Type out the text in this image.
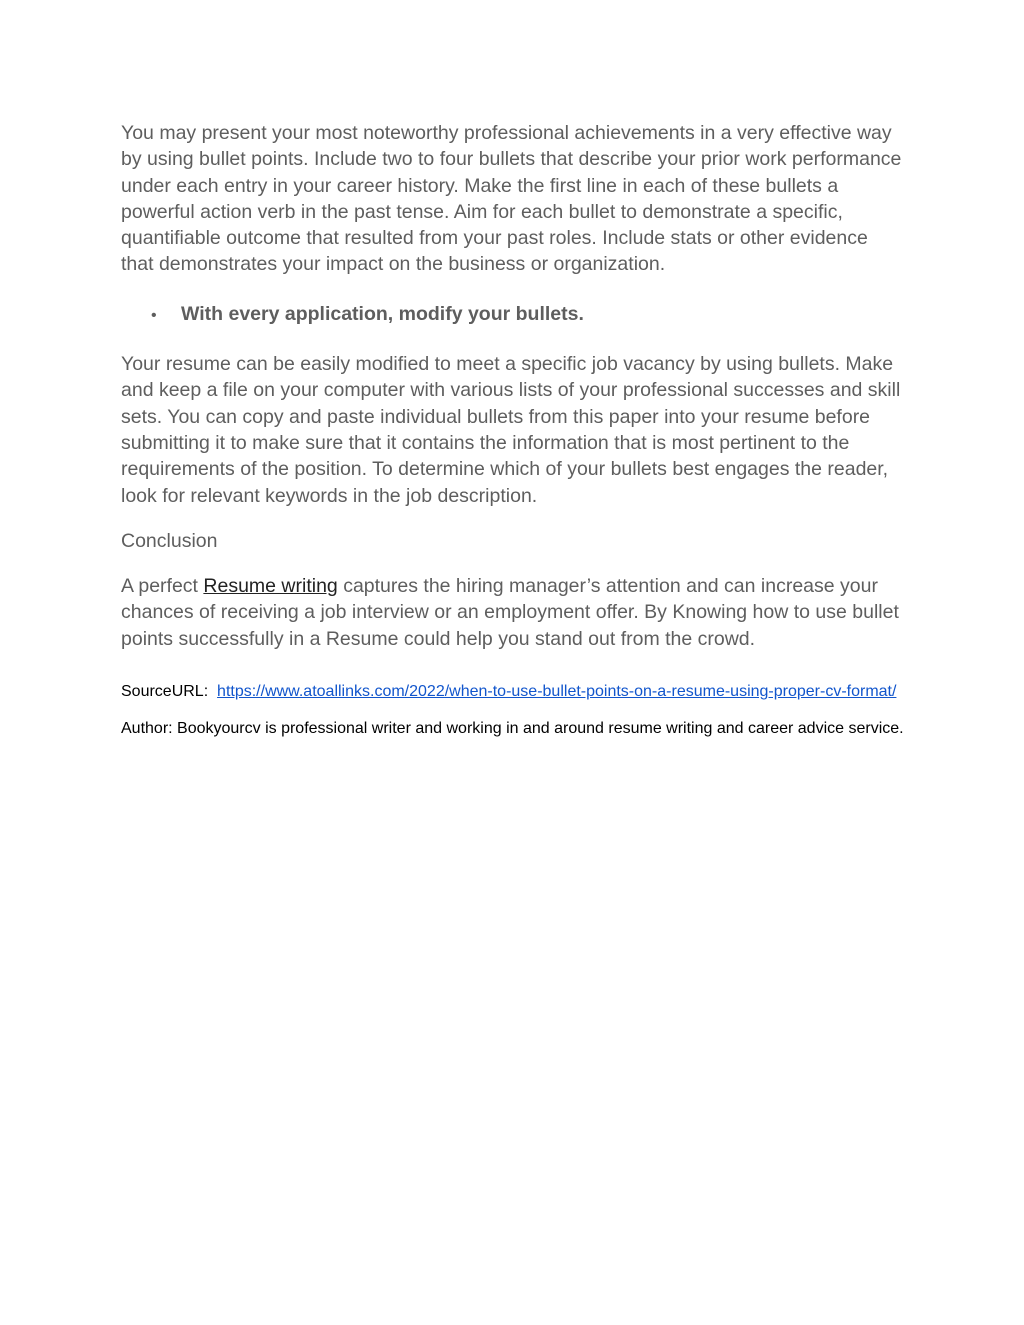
You may present your most noteworthy professional achievements in a very effective way by using bullet points. Include two to four bullets that describe your prior work performance under each entry in your career history. Make the first line in each of these bullets a powerful action verb in the past tense. Aim for each bullet to demonstrate a specific, quantifiable outcome that resulted from your past roles. Include stats or other evidence that demonstrates your impact on the business or organization.

•	With every application, modify your bullets.

Your resume can be easily modified to meet a specific job vacancy by using bullets. Make and keep a file on your computer with various lists of your professional successes and skill sets. You can copy and paste individual bullets from this paper into your resume before submitting it to make sure that it contains the information that is most pertinent to the requirements of the position. To determine which of your bullets best engages the reader, look for relevant keywords in the job description.

Conclusion

A perfect Resume writing captures the hiring manager’s attention and can increase your chances of receiving a job interview or an employment offer. By Knowing how to use bullet points successfully in a Resume could help you stand out from the crowd.

SourceURL:  https://www.atoallinks.com/2022/when-to-use-bullet-points-on-a-resume-using-proper-cv-format/

Author: Bookyourcv is professional writer and working in and around resume writing and career advice service.
